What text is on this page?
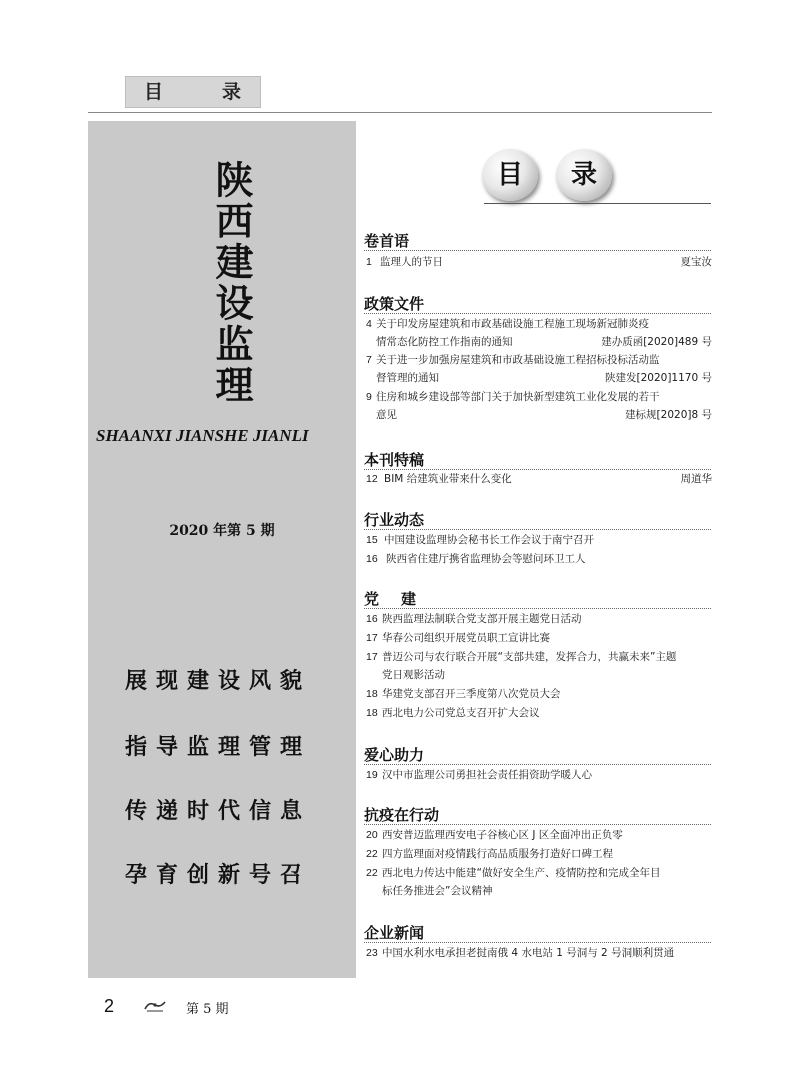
目	录
陕西建设监理
SHAANXI JIANSHE JIANLI
2020 年第 5 期
展现建设风貌
指导监理管理
传递时代信息
孕育创新号召
目	录
卷首语
1 监理人的节日	夏宝汝
政策文件
4 关于印发房屋建筑和市政基础设施工程施工现场新冠肺炎疫
情常态化防控工作指南的通知	建办质函[2020]489 号
7 关于进一步加强房屋建筑和市政基础设施工程招标投标活动监
督管理的通知	陕建发[2020]1170 号
9 住房和城乡建设部等部门关于加快新型建筑工业化发展的若干
意见	建标规[2020]8 号
本刊特稿
12 BIM 给建筑业带来什么变化	周道华
行业动态
15 中国建设监理协会秘书长工作会议于南宁召开
16 陕西省住建厅携省监理协会等慰问环卫工人
党建
16 陕西监理法制联合党支部开展主题党日活动
17 华春公司组织开展党员职工宣讲比赛
17 普迈公司与农行联合开展“支部共建，发挥合力，共赢未来”主题
党日观影活动
18 华建党支部召开三季度第八次党员大会
18 西北电力公司党总支召开扩大会议
爱心助力
19 汉中市监理公司勇担社会责任捐资助学暖人心
抗疫在行动
20 西安普迈监理西安电子谷核心区 J 区全面冲出正负零
22 四方监理面对疫情践行高品质服务打造好口碑工程
22 西北电力传达中能建“做好安全生产、疫情防控和完成全年目
标任务推进会”会议精神
企业新闻
23 中国水利水电承担老挝南俄 4 水电站 1 号洞与 2 号洞顺利贯通
2	第 5 期
